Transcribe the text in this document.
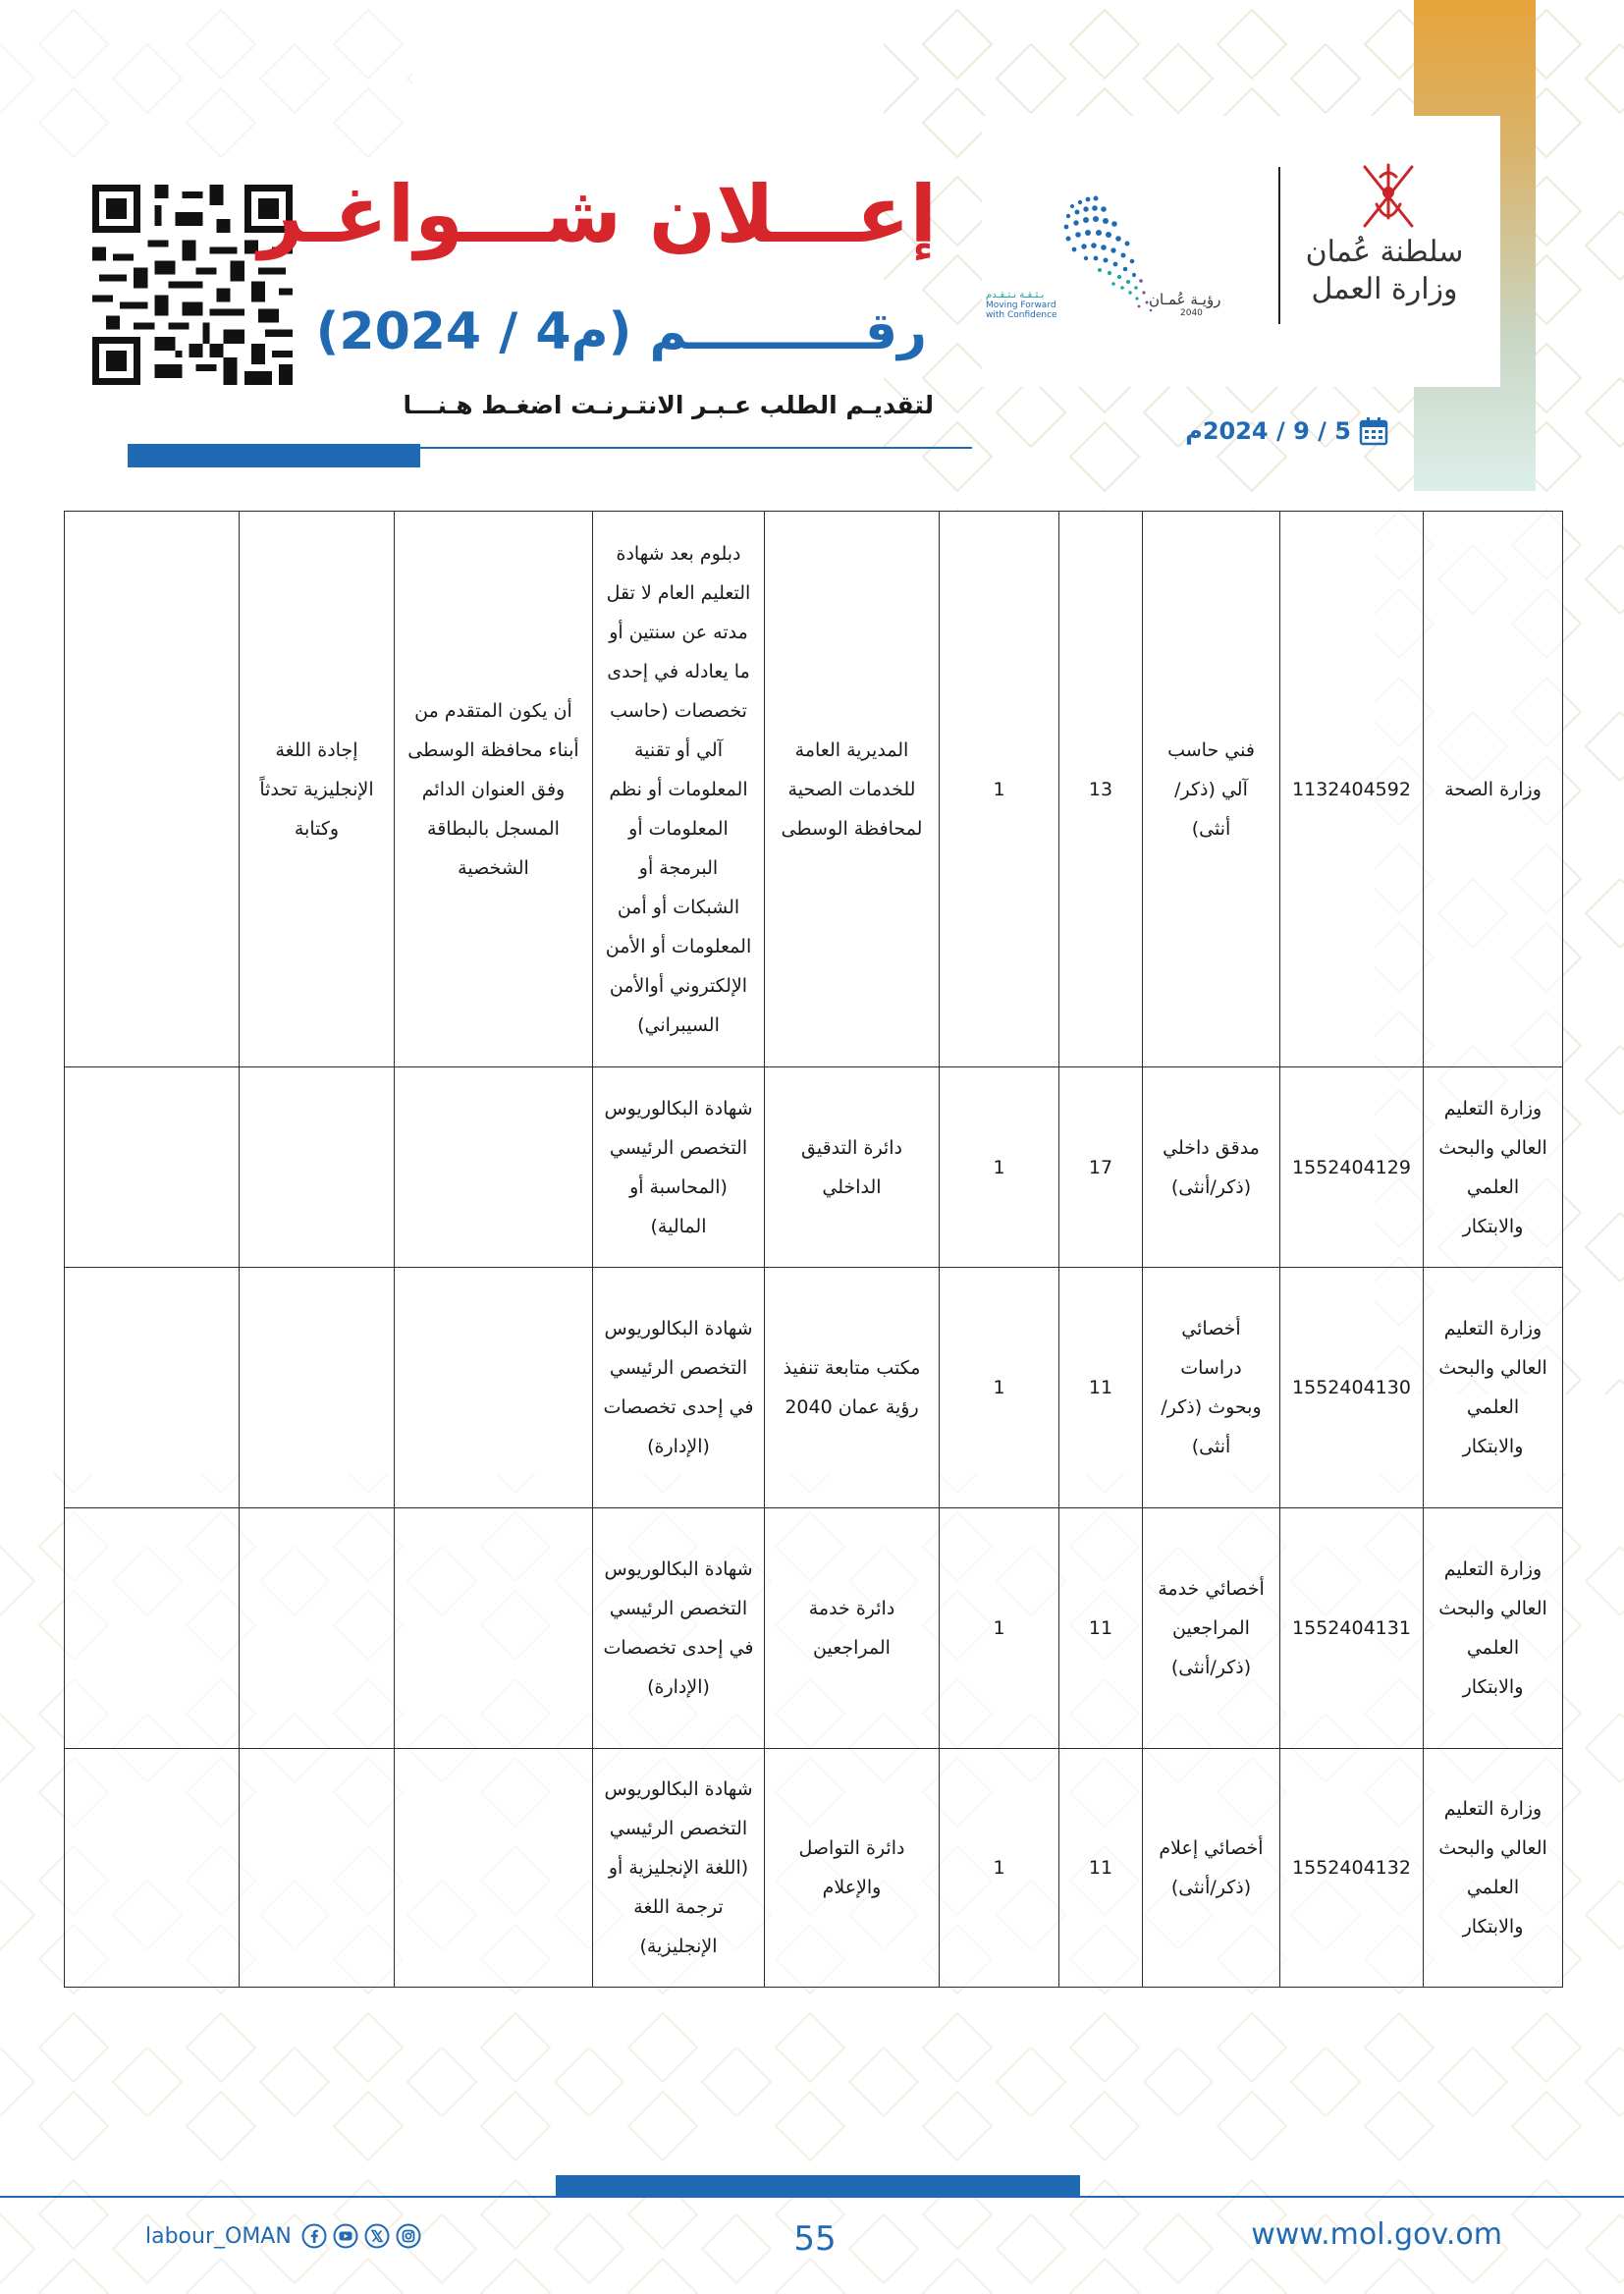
إعـــلان شـــواغـر
رقــــــــــم (م4 / 2024)
لتقديـم الطلب عـبـر الانتـرنـت اضغـط هـنـــا
5 / 9 / 2024م
بـثـقـة نـتـقـدم
Moving Forward
with Confidence
رؤيـة عُمـان
2040
سلطنة عُمان
وزارة العمل
وزارة الصحة	1132404592	فني حاسب آلي (ذكر/ أنثى)	13	1	المديرية العامة للخدمات الصحية لمحافظة الوسطى	دبلوم بعد شهادة التعليم العام لا تقل مدته عن سنتين أو ما يعادله في إحدى تخصصات (حاسب آلي أو تقنية المعلومات أو نظم المعلومات أو البرمجة أو الشبكات أو أمن المعلومات أو الأمن الإلكتروني أوالأمن السيبراني)	أن يكون المتقدم من أبناء محافظة الوسطى وفق العنوان الدائم المسجل بالبطاقة الشخصية	إجادة اللغة الإنجليزية تحدثاً وكتابة	
وزارة التعليم العالي والبحث العلمي والابتكار	1552404129	مدقق داخلي (ذكر/أنثى)	17	1	دائرة التدقيق الداخلي	شهادة البكالوريوس التخصص الرئيسي (المحاسبة أو المالية)			
وزارة التعليم العالي والبحث العلمي والابتكار	1552404130	أخصائي دراسات وبحوث (ذكر/ أنثى)	11	1	مكتب متابعة تنفيذ رؤية عمان 2040	شهادة البكالوريوس التخصص الرئيسي في إحدى تخصصات (الإدارة)			
وزارة التعليم العالي والبحث العلمي والابتكار	1552404131	أخصائي خدمة المراجعين (ذكر/أنثى)	11	1	دائرة خدمة المراجعين	شهادة البكالوريوس التخصص الرئيسي في إحدى تخصصات (الإدارة)			
وزارة التعليم العالي والبحث العلمي والابتكار	1552404132	أخصائي إعلام (ذكر/أنثى)	11	1	دائرة التواصل والإعلام	شهادة البكالوريوس التخصص الرئيسي (اللغة الإنجليزية أو ترجمة اللغة الإنجليزية)			
www.mol.gov.om
55
labour_OMAN
